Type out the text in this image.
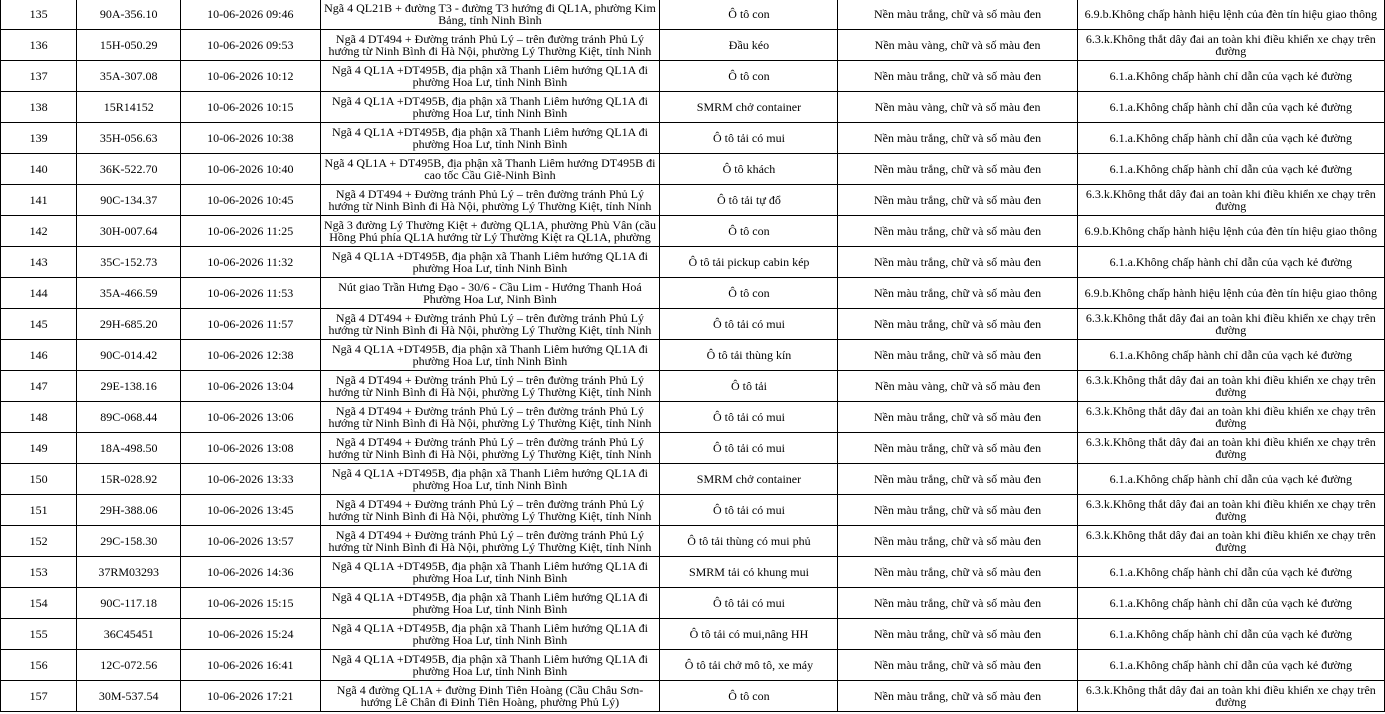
135	90A-356.10	10-06-2026 09:46	Ngã 4 QL21B + đường T3 - đường T3 hướng đi QL1A, phường Kim Bảng, tỉnh Ninh Bình	Ô tô con	Nền màu trắng, chữ và số màu đen	6.9.b.Không chấp hành hiệu lệnh của đèn tín hiệu giao thông
136	15H-050.29	10-06-2026 09:53	Ngã 4 DT494 + Đường tránh Phủ Lý – trên đường tránh Phủ Lý hướng từ Ninh Bình đi Hà Nội, phường Lý Thường Kiệt, tỉnh Ninh	Đầu kéo	Nền màu vàng, chữ và số màu đen	6.3.k.Không thắt dây đai an toàn khi điều khiển xe chạy trên đường
137	35A-307.08	10-06-2026 10:12	Ngã 4 QL1A +DT495B, địa phận xã Thanh Liêm hướng QL1A đi phường Hoa Lư, tỉnh Ninh Bình	Ô tô con	Nền màu trắng, chữ và số màu đen	6.1.a.Không chấp hành chỉ dẫn của vạch kẻ đường
138	15R14152	10-06-2026 10:15	Ngã 4 QL1A +DT495B, địa phận xã Thanh Liêm hướng QL1A đi phường Hoa Lư, tỉnh Ninh Bình	SMRM chở container	Nền màu vàng, chữ và số màu đen	6.1.a.Không chấp hành chỉ dẫn của vạch kẻ đường
139	35H-056.63	10-06-2026 10:38	Ngã 4 QL1A +DT495B, địa phận xã Thanh Liêm hướng QL1A đi phường Hoa Lư, tỉnh Ninh Bình	Ô tô tải có mui	Nền màu trắng, chữ và số màu đen	6.1.a.Không chấp hành chỉ dẫn của vạch kẻ đường
140	36K-522.70	10-06-2026 10:40	Ngã 4 QL1A + DT495B, địa phận xã Thanh Liêm hướng DT495B đi cao tốc Cầu Giẽ-Ninh Bình	Ô tô khách	Nền màu trắng, chữ và số màu đen	6.1.a.Không chấp hành chỉ dẫn của vạch kẻ đường
141	90C-134.37	10-06-2026 10:45	Ngã 4 DT494 + Đường tránh Phủ Lý – trên đường tránh Phủ Lý hướng từ Ninh Bình đi Hà Nội, phường Lý Thường Kiệt, tỉnh Ninh	Ô tô tải tự đổ	Nền màu trắng, chữ và số màu đen	6.3.k.Không thắt dây đai an toàn khi điều khiển xe chạy trên đường
142	30H-007.64	10-06-2026 11:25	Ngã 3 đường Lý Thường Kiệt + đường QL1A, phường Phù Vân (cầu Hồng Phú phía QL1A hướng từ Lý Thường Kiệt ra QL1A, phường	Ô tô con	Nền màu trắng, chữ và số màu đen	6.9.b.Không chấp hành hiệu lệnh của đèn tín hiệu giao thông
143	35C-152.73	10-06-2026 11:32	Ngã 4 QL1A +DT495B, địa phận xã Thanh Liêm hướng QL1A đi phường Hoa Lư, tỉnh Ninh Bình	Ô tô tải pickup cabin kép	Nền màu trắng, chữ và số màu đen	6.1.a.Không chấp hành chỉ dẫn của vạch kẻ đường
144	35A-466.59	10-06-2026 11:53	Nút giao Trần Hưng Đạo - 30/6 - Cầu Lim - Hướng Thanh Hoá Phường Hoa Lư, Ninh Bình	Ô tô con	Nền màu trắng, chữ và số màu đen	6.9.b.Không chấp hành hiệu lệnh của đèn tín hiệu giao thông
145	29H-685.20	10-06-2026 11:57	Ngã 4 DT494 + Đường tránh Phủ Lý – trên đường tránh Phủ Lý hướng từ Ninh Bình đi Hà Nội, phường Lý Thường Kiệt, tỉnh Ninh	Ô tô tải có mui	Nền màu trắng, chữ và số màu đen	6.3.k.Không thắt dây đai an toàn khi điều khiển xe chạy trên đường
146	90C-014.42	10-06-2026 12:38	Ngã 4 QL1A +DT495B, địa phận xã Thanh Liêm hướng QL1A đi phường Hoa Lư, tỉnh Ninh Bình	Ô tô tải thùng kín	Nền màu trắng, chữ và số màu đen	6.1.a.Không chấp hành chỉ dẫn của vạch kẻ đường
147	29E-138.16	10-06-2026 13:04	Ngã 4 DT494 + Đường tránh Phủ Lý – trên đường tránh Phủ Lý hướng từ Ninh Bình đi Hà Nội, phường Lý Thường Kiệt, tỉnh Ninh	Ô tô tải	Nền màu vàng, chữ và số màu đen	6.3.k.Không thắt dây đai an toàn khi điều khiển xe chạy trên đường
148	89C-068.44	10-06-2026 13:06	Ngã 4 DT494 + Đường tránh Phủ Lý – trên đường tránh Phủ Lý hướng từ Ninh Bình đi Hà Nội, phường Lý Thường Kiệt, tỉnh Ninh	Ô tô tải có mui	Nền màu trắng, chữ và số màu đen	6.3.k.Không thắt dây đai an toàn khi điều khiển xe chạy trên đường
149	18A-498.50	10-06-2026 13:08	Ngã 4 DT494 + Đường tránh Phủ Lý – trên đường tránh Phủ Lý hướng từ Ninh Bình đi Hà Nội, phường Lý Thường Kiệt, tỉnh Ninh	Ô tô tải có mui	Nền màu trắng, chữ và số màu đen	6.3.k.Không thắt dây đai an toàn khi điều khiển xe chạy trên đường
150	15R-028.92	10-06-2026 13:33	Ngã 4 QL1A +DT495B, địa phận xã Thanh Liêm hướng QL1A đi phường Hoa Lư, tỉnh Ninh Bình	SMRM chở container	Nền màu trắng, chữ và số màu đen	6.1.a.Không chấp hành chỉ dẫn của vạch kẻ đường
151	29H-388.06	10-06-2026 13:45	Ngã 4 DT494 + Đường tránh Phủ Lý – trên đường tránh Phủ Lý hướng từ Ninh Bình đi Hà Nội, phường Lý Thường Kiệt, tỉnh Ninh	Ô tô tải có mui	Nền màu trắng, chữ và số màu đen	6.3.k.Không thắt dây đai an toàn khi điều khiển xe chạy trên đường
152	29C-158.30	10-06-2026 13:57	Ngã 4 DT494 + Đường tránh Phủ Lý – trên đường tránh Phủ Lý hướng từ Ninh Bình đi Hà Nội, phường Lý Thường Kiệt, tỉnh Ninh	Ô tô tải thùng có mui phủ	Nền màu trắng, chữ và số màu đen	6.3.k.Không thắt dây đai an toàn khi điều khiển xe chạy trên đường
153	37RM03293	10-06-2026 14:36	Ngã 4 QL1A +DT495B, địa phận xã Thanh Liêm hướng QL1A đi phường Hoa Lư, tỉnh Ninh Bình	SMRM tải có khung mui	Nền màu trắng, chữ và số màu đen	6.1.a.Không chấp hành chỉ dẫn của vạch kẻ đường
154	90C-117.18	10-06-2026 15:15	Ngã 4 QL1A +DT495B, địa phận xã Thanh Liêm hướng QL1A đi phường Hoa Lư, tỉnh Ninh Bình	Ô tô tải có mui	Nền màu trắng, chữ và số màu đen	6.1.a.Không chấp hành chỉ dẫn của vạch kẻ đường
155	36C45451	10-06-2026 15:24	Ngã 4 QL1A +DT495B, địa phận xã Thanh Liêm hướng QL1A đi phường Hoa Lư, tỉnh Ninh Bình	Ô tô tải có mui,nâng HH	Nền màu trắng, chữ và số màu đen	6.1.a.Không chấp hành chỉ dẫn của vạch kẻ đường
156	12C-072.56	10-06-2026 16:41	Ngã 4 QL1A +DT495B, địa phận xã Thanh Liêm hướng QL1A đi phường Hoa Lư, tỉnh Ninh Bình	Ô tô tải chở mô tô, xe máy	Nền màu trắng, chữ và số màu đen	6.1.a.Không chấp hành chỉ dẫn của vạch kẻ đường
157	30M-537.54	10-06-2026 17:21	Ngã 4 đường QL1A + đường Đinh Tiên Hoàng (Cầu Châu Sơn-hướng Lê Chân đi Đinh Tiên Hoàng, phường Phủ Lý)	Ô tô con	Nền màu trắng, chữ và số màu đen	6.3.k.Không thắt dây đai an toàn khi điều khiển xe chạy trên đường
